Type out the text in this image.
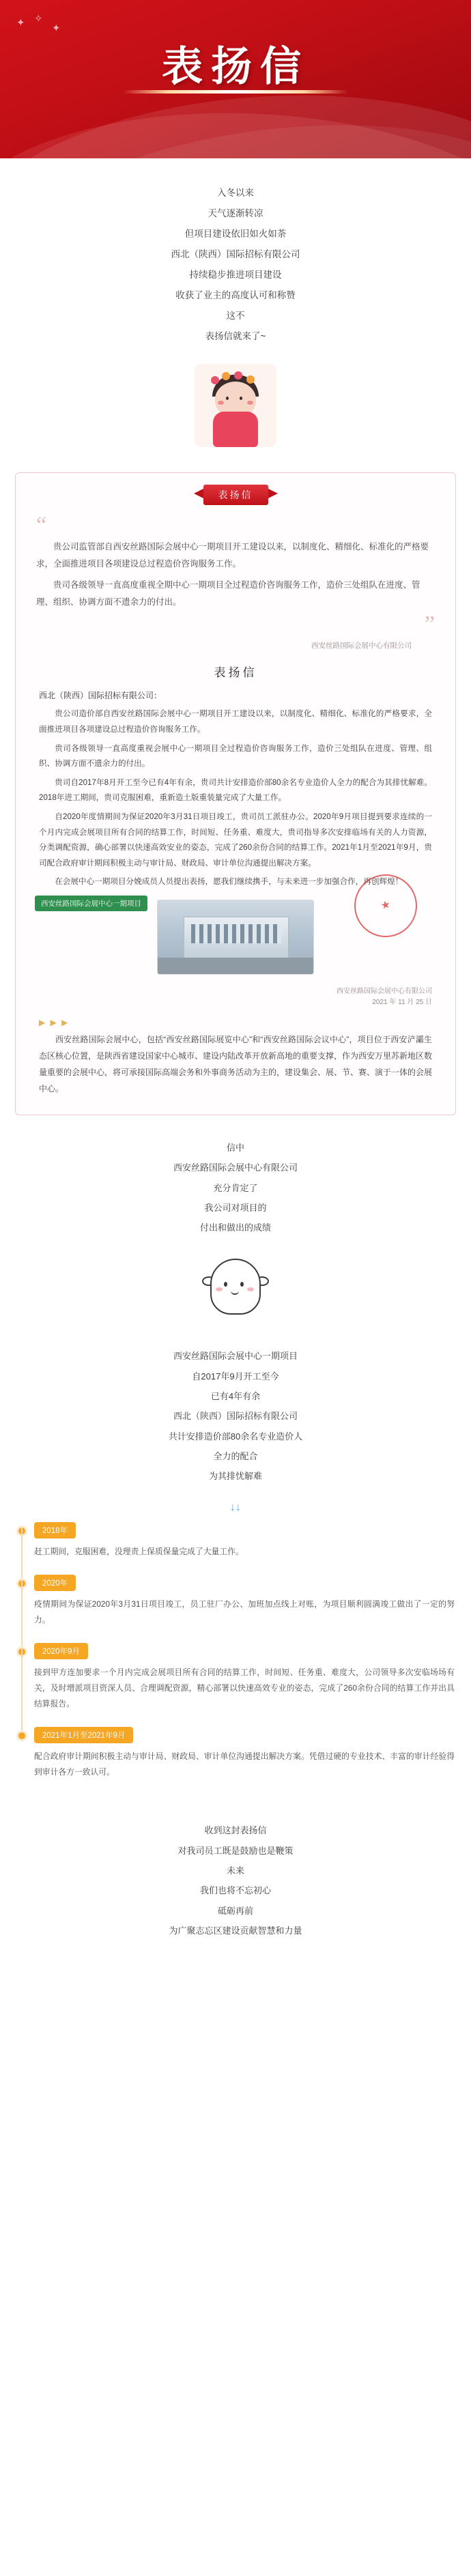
✦ ✧
✦
表扬信

入冬以来

天气逐渐转凉

但项目建设依旧如火如荼

西北（陕西）国际招标有限公司

持续稳步推进项目建设

收获了业主的高度认可和称赞

这不

表扬信就来了~

表扬信
“

贵公司监管部自西安丝路国际会展中心一期项目开工建设以来，以制度化、精细化、标准化的严格要求，全面推进项目各项建设总过程造价咨询服务工作。

贵司各级领导一直高度重视全期中心一期项目全过程造价咨询服务工作，造价三处组队在进度、管理、组织、协调方面不遗余力的付出。

”
西安丝路国际会展中心有限公司
表扬信
西北（陕西）国际招标有限公司：

贵公司造价部自西安丝路国际会展中心一期项目开工建设以来，以制度化、精细化、标准化的严格要求，全面推进项目各项建设总过程造价咨询服务工作。

贵司各级领导一直高度重视会展中心一期项目全过程造价咨询服务工作，造价三处组队在进度、管理、组织、协调方面不遗余力的付出。

贵司自2017年8月开工至今已有4年有余，贵司共计安排造价部80余名专业造价人全力的配合为其排忧解难。2018年进工期间，贵司克服困难，重新造土版重装量完成了大量工作。

自2020年度情期间为保证2020年3月31日项目竣工，贵司员工派驻办公。2020年9月项目提到要求连续的一个月内完成会展项目所有合同的结算工作，时间短、任务重、难度大，贵司指导多次安排临场有关的人力资源，分类调配资源，确心部署以快速高效安业的姿态，完成了260余份合同的结算工作。2021年1月至2021年9月，贵司配合政府审计期间积极主动与审计局、财政局、审计单位沟通提出解决方案。

在会展中心一期项目分娩成员人员提出表扬，愿我们继续携手，与未来进一步加强合作，再创辉煌！

西安丝路国际会展中心一期项目	★
西安丝路国际会展中心有限公司
2021 年 11 月 25 日
▶ ▶ ▶

西安丝路国际会展中心，包括“西安丝路国际展览中心”和“西安丝路国际会议中心”，项目位于西安浐灞生态区核心位置，是陕西省建设国家中心城市、建设内陆改革开放新高地的重要支撑，作为西安万里苏新地区数量重要的会展中心，将可承接国际高端会务和外事商务活动为主的，建设集会、展、节、赛、演于一体的会展中心。

信中

西安丝路国际会展中心有限公司

充分肯定了

我公司对项目的

付出和做出的成绩

西安丝路国际会展中心一期项目

自2017年9月开工至今

已有4年有余

西北（陕西）国际招标有限公司

共计安排造价部80余名专业造价人

全力的配合

为其排忧解难

↓↓
2018年
赶工期间，克服困难，没理责上保质保量完成了大量工作。
2020年
疫情期间为保证2020年3月31日项目竣工，员工驻厂办公、加班加点线上对账，为项目顺利圆满竣工做出了一定的努力。
2020年9月
接到甲方连加要求一个月内完成会展项目所有合同的结算工作，时间短、任务重、难度大，公司领导多次安临场场有关，及时增派项目资深人员、合理调配资源，精心部署以快速高效专业的姿态，完成了260余份合同的结算工作并出具结算报告。
2021年1月至2021年9月
配合政府审计期间积极主动与审计局、财政局、审计单位沟通提出解决方案。凭借过硬的专业技术、丰富的审计经验得到审计各方一致认可。

收到这封表扬信

对我司员工既是鼓励也是鞭策

未来

我们也将不忘初心

砥砺再前

为广聚志忘区建设贡献智慧和力量
